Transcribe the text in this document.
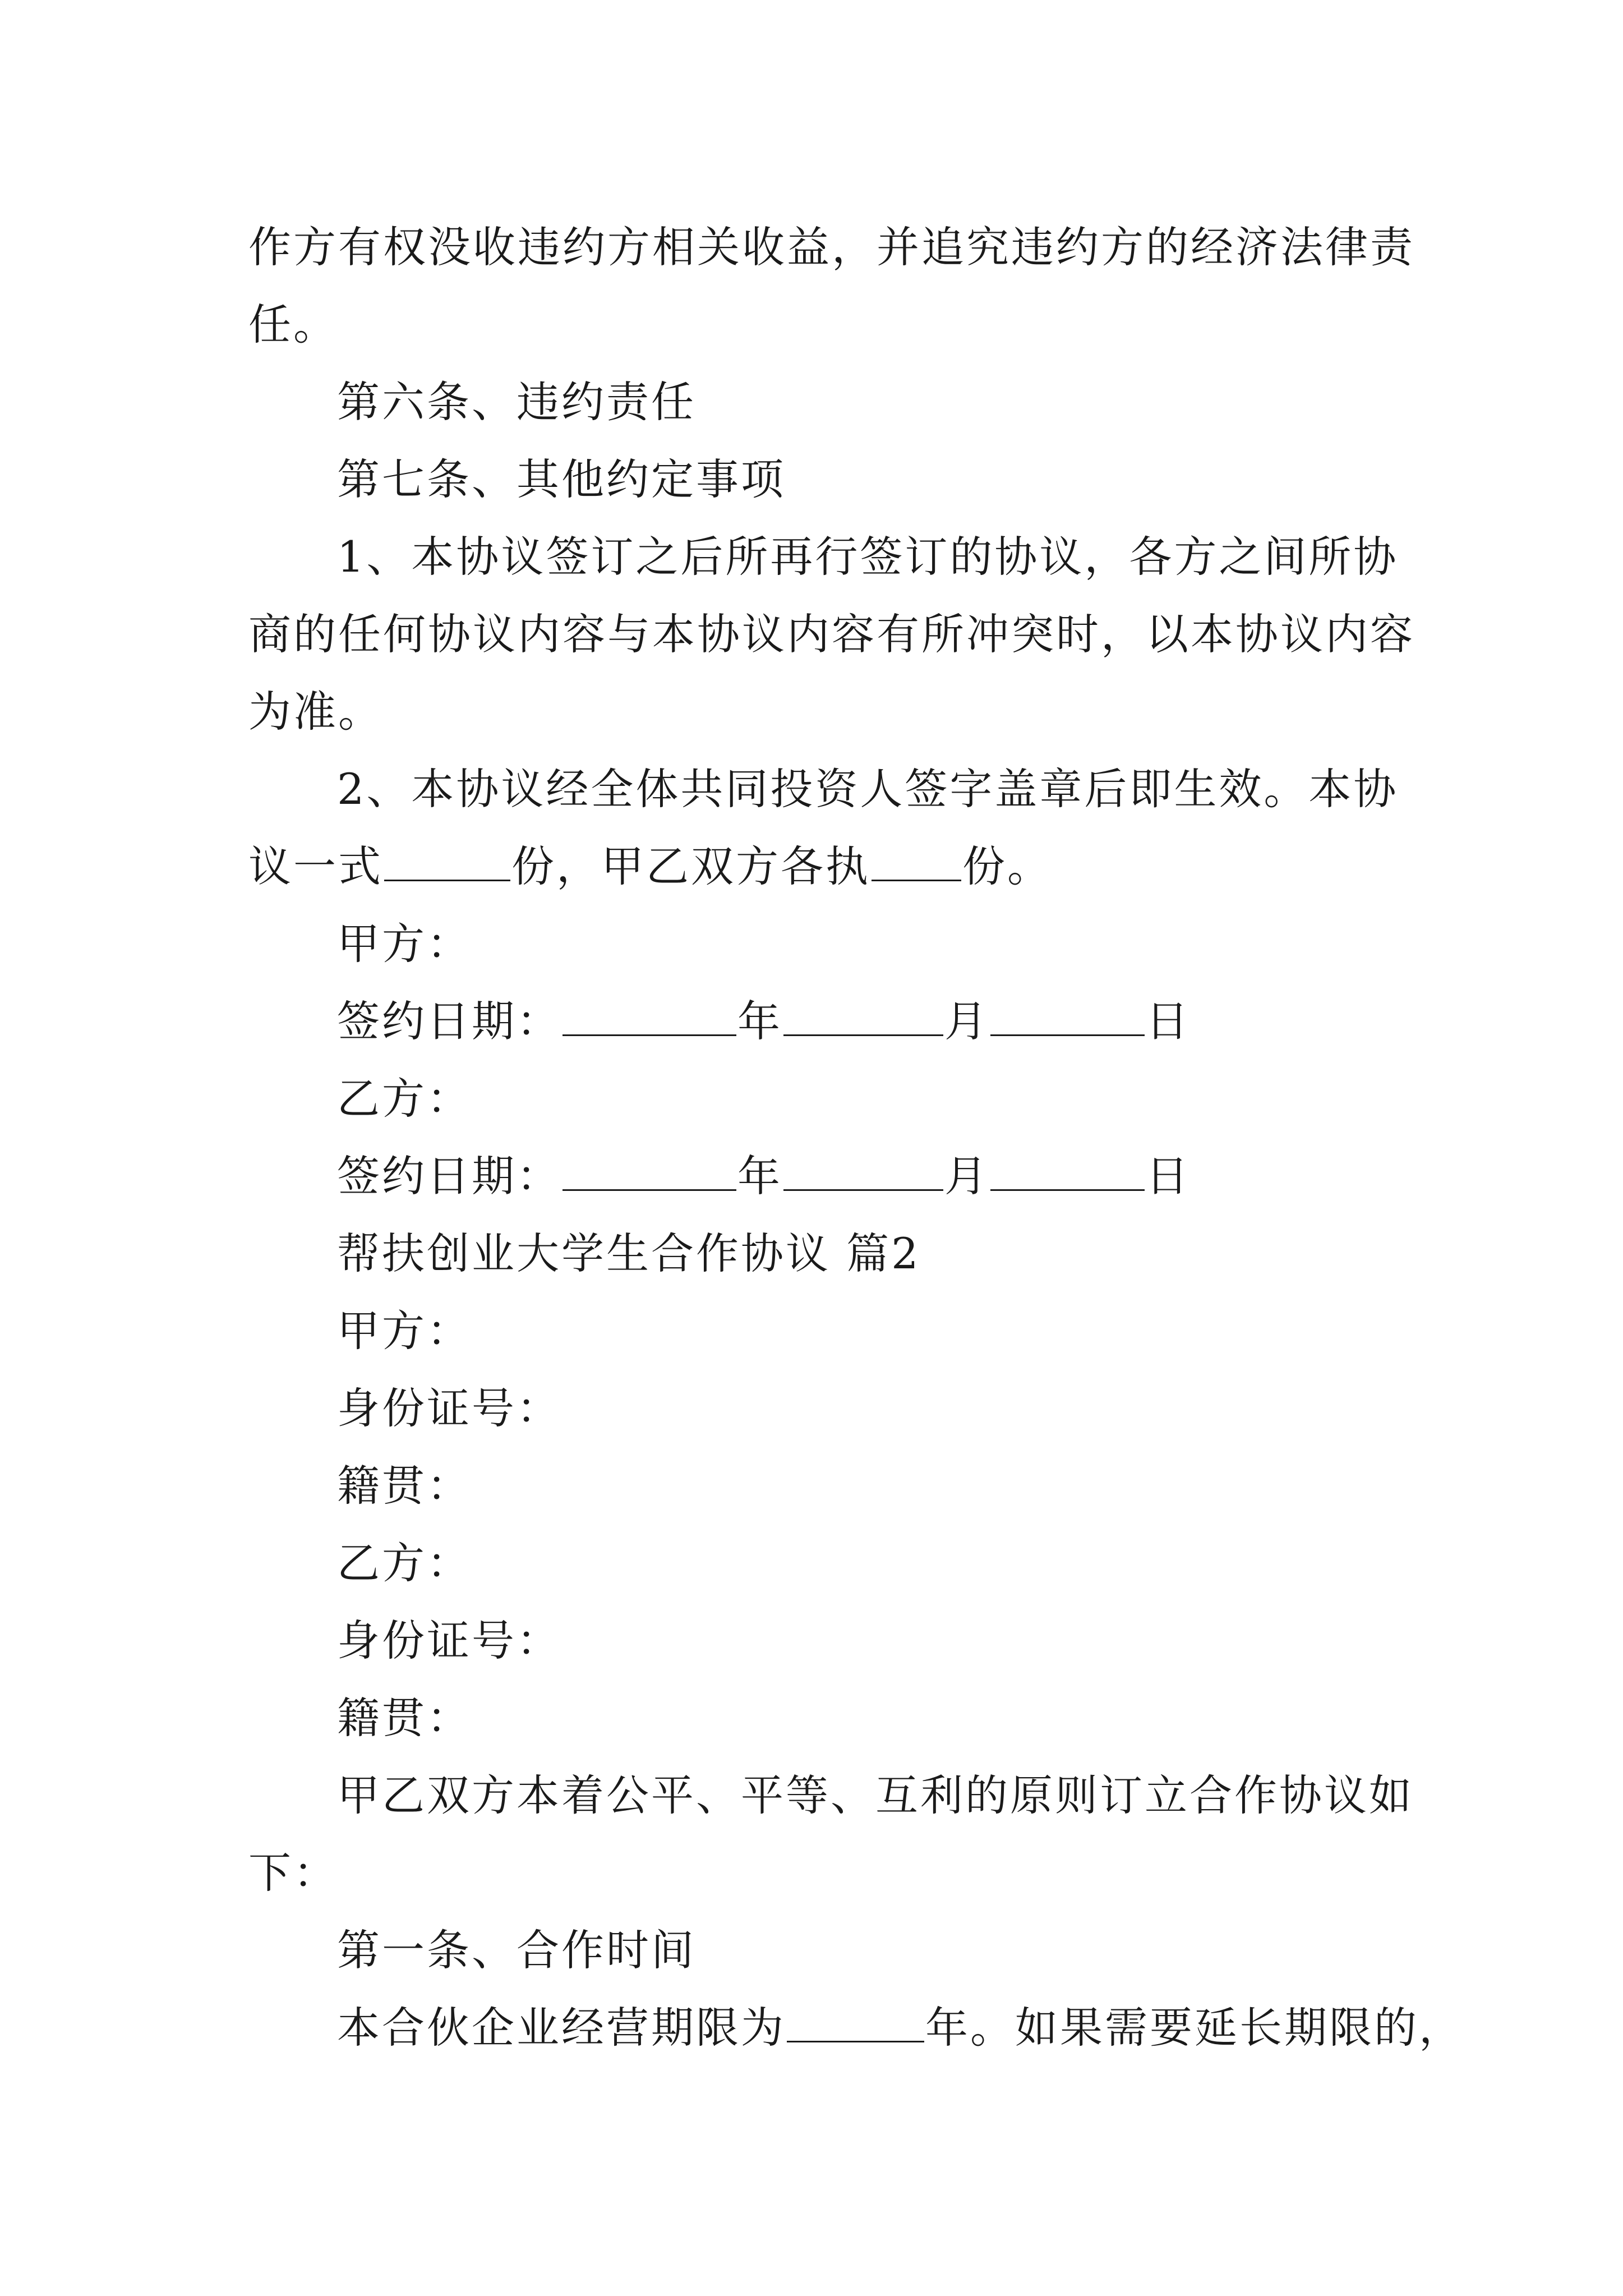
作方有权没收违约方相关收益，并追究违约方的经济法律责
任。
第六条、违约责任
第七条、其他约定事项
1、本协议签订之后所再行签订的协议，各方之间所协
商的任何协议内容与本协议内容有所冲突时，以本协议内容
为准。
2、本协议经全体共同投资人签字盖章后即生效。本协
议一式	份，甲乙双方各执 份。
甲方：
签约日期：	年	月	日
乙方：
签约日期：	年	月	日
帮扶创业大学生合作协议 篇2
甲方：
身份证号：
籍贯：
乙方：
身份证号：
籍贯：
甲乙双方本着公平、平等、互利的原则订立合作协议如
下：
第一条、合作时间
本合伙企业经营期限为	年。如果需要延长期限的，
